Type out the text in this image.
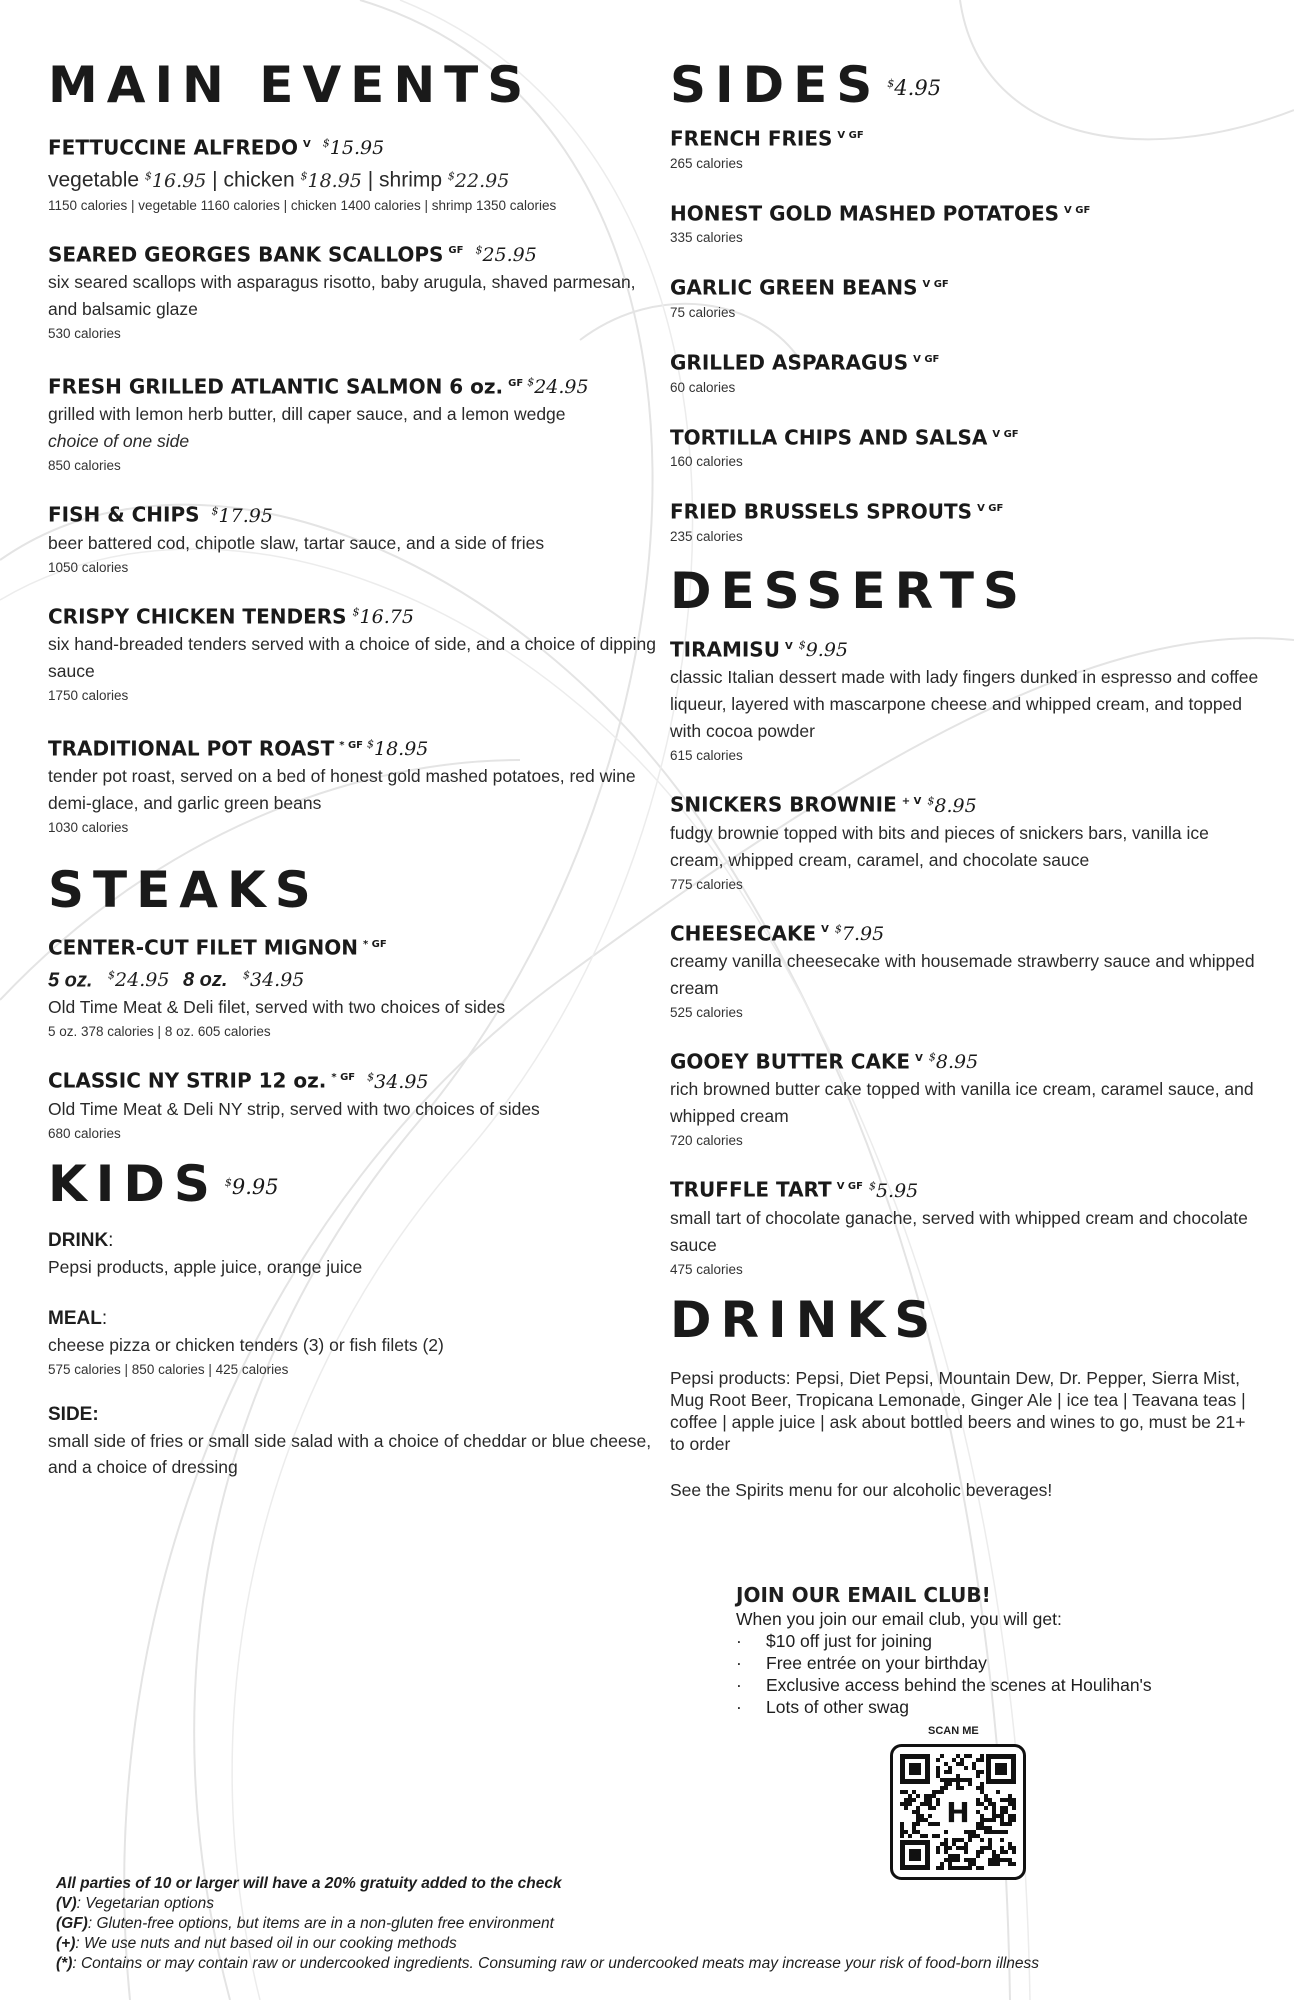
MAIN EVENTS
FETTUCCINE ALFREDO $^V$ $15.95
vegetable $16.95 | chicken $18.95 | shrimp $22.95
1150 calories | vegetable 1160 calories | chicken 1400 calories | shrimp 1350 calories
SEARED GEORGES BANK SCALLOPS $^{GF}$ $25.95
six seared scallops with asparagus risotto, baby arugula, shaved parmesan, and balsamic glaze
530 calories
FRESH GRILLED ATLANTIC SALMON 6 oz. $^{GF}$ $24.95
grilled with lemon herb butter, dill caper sauce, and a lemon wedge
choice of one side
850 calories
FISH & CHIPS $17.95
beer battered cod, chipotle slaw, tartar sauce, and a side of fries
1050 calories
CRISPY CHICKEN TENDERS $16.75
six hand-breaded tenders served with a choice of side, and a choice of dipping sauce
1750 calories
TRADITIONAL POT ROAST $^{* GF}$ $18.95
tender pot roast, served on a bed of honest gold mashed potatoes, red wine demi-glace, and garlic green beans
1030 calories
STEAKS
CENTER-CUT FILET MIGNON $^{* GF}$
5 oz. $24.95 8 oz. $34.95
Old Time Meat & Deli filet, served with two choices of sides
5 oz. 378 calories | 8 oz. 605 calories
CLASSIC NY STRIP 12 oz. $^{* GF}$ $34.95
Old Time Meat & Deli NY strip, served with two choices of sides
680 calories
KIDS $9.95
DRINK:
Pepsi products, apple juice, orange juice
MEAL:
cheese pizza or chicken tenders (3) or fish filets (2)
575 calories | 850 calories | 425 calories
SIDE:
small side of fries or small side salad with a choice of cheddar or blue cheese, and a choice of dressing
SIDES $4.95
FRENCH FRIES $^{V GF}$
265 calories
HONEST GOLD MASHED POTATOES $^{V GF}$
335 calories
GARLIC GREEN BEANS $^{V GF}$
75 calories
GRILLED ASPARAGUS $^{V GF}$
60 calories
TORTILLA CHIPS AND SALSA $^{V GF}$
160 calories
FRIED BRUSSELS SPROUTS $^{V GF}$
235 calories
DESSERTS
TIRAMISU $^V$ $9.95
classic Italian dessert made with lady fingers dunked in espresso and coffee liqueur, layered with mascarpone cheese and whipped cream, and topped with cocoa powder
615 calories
SNICKERS BROWNIE $^{+ V}$ $8.95
fudgy brownie topped with bits and pieces of snickers bars, vanilla ice cream, whipped cream, caramel, and chocolate sauce
775 calories
CHEESECAKE $^V$ $7.95
creamy vanilla cheesecake with housemade strawberry sauce and whipped cream
525 calories
GOOEY BUTTER CAKE $^V$ $8.95
rich browned butter cake topped with vanilla ice cream, caramel sauce, and whipped cream
720 calories
TRUFFLE TART $^{V GF}$ $5.95
small tart of chocolate ganache, served with whipped cream and chocolate sauce
475 calories
DRINKS
Pepsi products: Pepsi, Diet Pepsi, Mountain Dew, Dr. Pepper, Sierra Mist, Mug Root Beer, Tropicana Lemonade, Ginger Ale | ice tea | Teavana teas | coffee | apple juice | ask about bottled beers and wines to go, must be 21+ to order
See the Spirits menu for our alcoholic beverages!
JOIN OUR EMAIL CLUB!
When you join our email club, you will get:
· $10 off just for joining
· Free entrée on your birthday
· Exclusive access behind the scenes at Houlihan's
· Lots of other swag
SCAN ME
H
All parties of 10 or larger will have a 20% gratuity added to the check
(V): Vegetarian options
(GF): Gluten-free options, but items are in a non-gluten free environment
(+): We use nuts and nut based oil in our cooking methods
(*): Contains or may contain raw or undercooked ingredients. Consuming raw or undercooked meats may increase your risk of food-born illness
